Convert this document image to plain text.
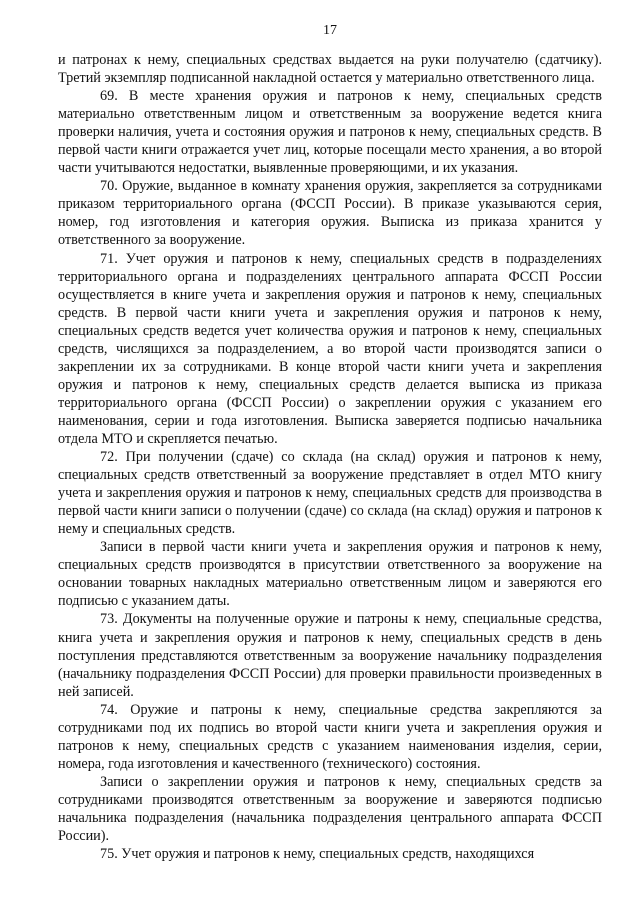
17

и патронах к нему, специальных средствах выдается на руки получателю (сдатчику). Третий экземпляр подписанной накладной остается у материально ответственного лица.

69. В месте хранения оружия и патронов к нему, специальных средств материально ответственным лицом и ответственным за вооружение ведется книга проверки наличия, учета и состояния оружия и патронов к нему, специальных средств. В первой части книги отражается учет лиц, которые посещали место хранения, а во второй части учитываются недостатки, выявленные проверяющими, и их указания.

70. Оружие, выданное в комнату хранения оружия, закрепляется за сотрудниками приказом территориального органа (ФССП России). В приказе указываются серия, номер, год изготовления и категория оружия. Выписка из приказа хранится у ответственного за вооружение.

71. Учет оружия и патронов к нему, специальных средств в подразделениях территориального органа и подразделениях центрального аппарата ФССП России осуществляется в книге учета и закрепления оружия и патронов к нему, специальных средств. В первой части книги учета и закрепления оружия и патронов к нему, специальных средств ведется учет количества оружия и патронов к нему, специальных средств, числящихся за подразделением, а во второй части производятся записи о закреплении их за сотрудниками. В конце второй части книги учета и закрепления оружия и патронов к нему, специальных средств делается выписка из приказа территориального органа (ФССП России) о закреплении оружия с указанием его наименования, серии и года изготовления. Выписка заверяется подписью начальника отдела МТО и скрепляется печатью.

72. При получении (сдаче) со склада (на склад) оружия и патронов к нему, специальных средств ответственный за вооружение представляет в отдел МТО книгу учета и закрепления оружия и патронов к нему, специальных средств для производства в первой части книги записи о получении (сдаче) со склада (на склад) оружия и патронов к нему и специальных средств.

Записи в первой части книги учета и закрепления оружия и патронов к нему, специальных средств производятся в присутствии ответственного за вооружение на основании товарных накладных материально ответственным лицом и заверяются его подписью с указанием даты.

73. Документы на полученные оружие и патроны к нему, специальные средства, книга учета и закрепления оружия и патронов к нему, специальных средств в день поступления представляются ответственным за вооружение начальнику подразделения (начальнику подразделения ФССП России) для проверки правильности произведенных в ней записей.

74. Оружие и патроны к нему, специальные средства закрепляются за сотрудниками под их подпись во второй части книги учета и закрепления оружия и патронов к нему, специальных средств с указанием наименования изделия, серии, номера, года изготовления и качественного (технического) состояния.

Записи о закреплении оружия и патронов к нему, специальных средств за сотрудниками производятся ответственным за вооружение и заверяются подписью начальника подразделения (начальника подразделения центрального аппарата ФССП России).

75. Учет оружия и патронов к нему, специальных средств, находящихся
